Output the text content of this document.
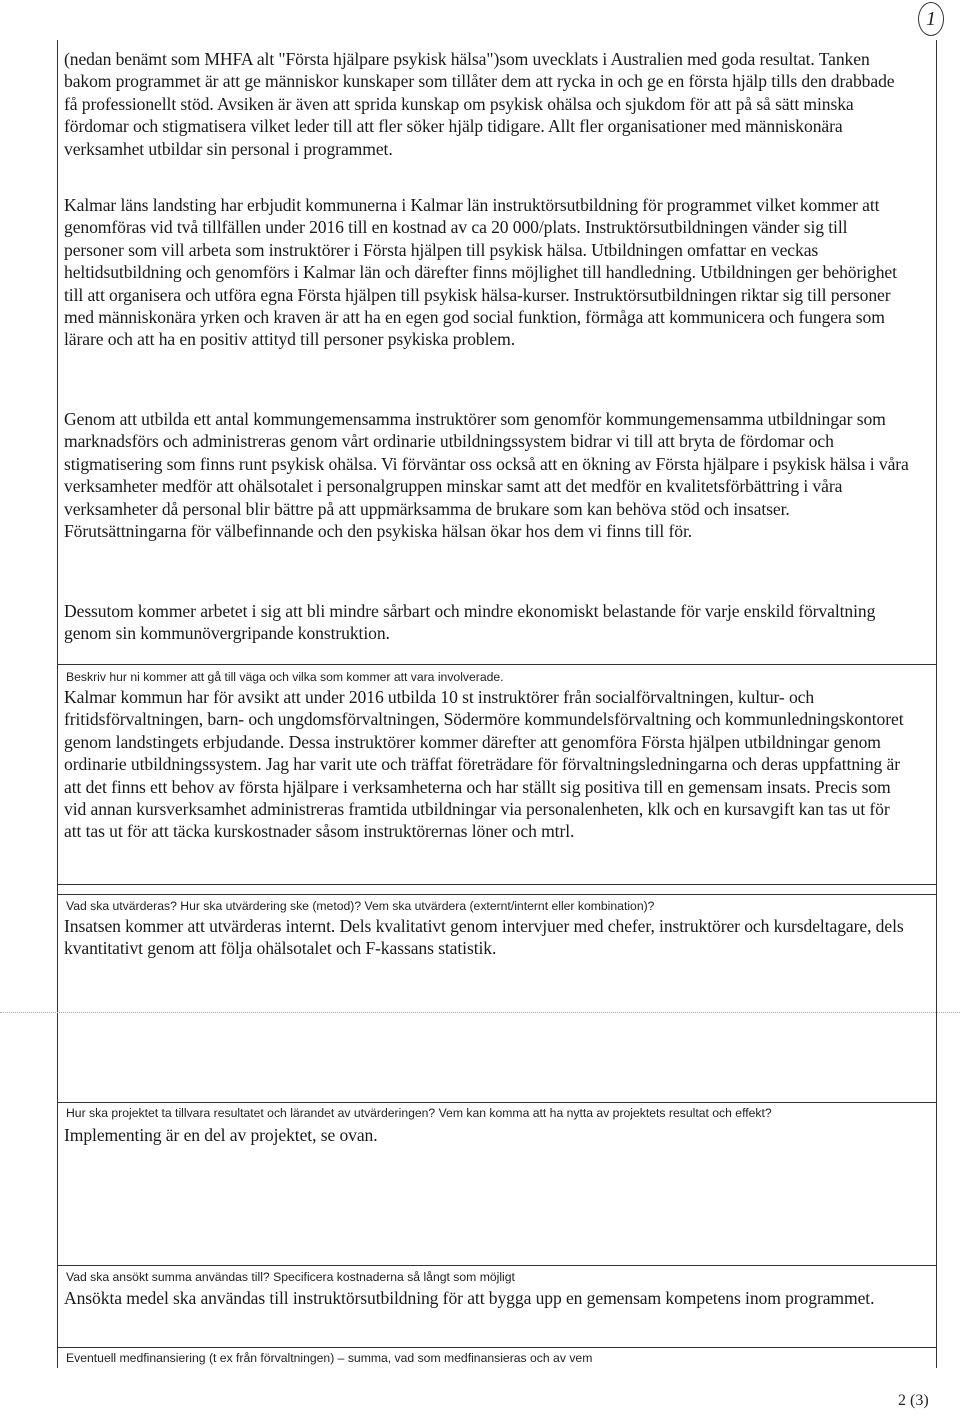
1

(nedan benämt som MHFA alt "Första hjälpare psykisk hälsa")som uvecklats i Australien med goda resultat. Tanken bakom programmet är att ge människor kunskaper som tillåter dem att rycka in och ge en första hjälp tills den drabbade få professionellt stöd. Avsiken är även att sprida kunskap om psykisk ohälsa och sjukdom för att på så sätt minska fördomar och stigmatisera vilket leder till att fler söker hjälp tidigare. Allt fler organisationer med människonära verksamhet utbildar sin personal i programmet.

Kalmar läns landsting har erbjudit kommunerna i Kalmar län instruktörsutbildning för programmet vilket kommer att genomföras vid två tillfällen under 2016 till en kostnad av ca 20 000/plats. Instruktörsutbildningen vänder sig till personer som vill arbeta som instruktörer i Första hjälpen till psykisk hälsa. Utbildningen omfattar en veckas heltidsutbildning och genomförs i Kalmar län och därefter finns möjlighet till handledning. Utbildningen ger behörighet till att organisera och utföra egna Första hjälpen till psykisk hälsa-kurser. Instruktörsutbildningen riktar sig till personer med människonära yrken och kraven är att ha en egen god social funktion, förmåga att kommunicera och fungera som lärare och att ha en positiv attityd till personer psykiska problem.

Genom att utbilda ett antal kommungemensamma instruktörer som genomför kommungemensamma utbildningar som marknadsförs och administreras genom vårt ordinarie utbildningssystem bidrar vi till att bryta de fördomar och stigmatisering som finns runt psykisk ohälsa. Vi förväntar oss också att en ökning av Första hjälpare i psykisk hälsa i våra verksamheter medför att ohälsotalet i personalgruppen minskar samt att det medför en kvalitetsförbättring i våra verksamheter då personal blir bättre på att uppmärksamma de brukare som kan behöva stöd och insatser. Förutsättningarna för välbefinnande och den psykiska hälsan ökar hos dem vi finns till för.

Dessutom kommer arbetet i sig att bli mindre sårbart och mindre ekonomiskt belastande för varje enskild förvaltning genom sin kommunövergripande konstruktion.

Beskriv hur ni kommer att gå till väga och vilka som kommer att vara involverade.

Kalmar kommun har för avsikt att under 2016 utbilda 10 st instruktörer från socialförvaltningen, kultur- och fritidsförvaltningen, barn- och ungdomsförvaltningen, Södermöre kommundelsförvaltning och kommunledningskontoret genom landstingets erbjudande. Dessa instruktörer kommer därefter att genomföra Första hjälpen utbildningar genom ordinarie utbildningssystem. Jag har varit ute och träffat företrädare för förvaltningsledningarna och deras uppfattning är att det finns ett behov av första hjälpare i verksamheterna och har ställt sig positiva till en gemensam insats. Precis som vid annan kursverksamhet administreras framtida utbildningar via personalenheten, klk och en kursavgift kan tas ut för att tas ut för att täcka kurskostnader såsom instruktörernas löner och mtrl.

Vad ska utvärderas? Hur ska utvärdering ske (metod)? Vem ska utvärdera (externt/internt eller kombination)?

Insatsen kommer att utvärderas internt. Dels kvalitativt genom intervjuer med chefer, instruktörer och kursdeltagare, dels kvantitativt genom att följa ohälsotalet och F-kassans statistik.

Hur ska projektet ta tillvara resultatet och lärandet av utvärderingen? Vem kan komma att ha nytta av projektets resultat och effekt?

Implementing är en del av projektet, se ovan.

Vad ska ansökt summa användas till? Specificera kostnaderna så långt som möjligt

Ansökta medel ska användas till instruktörsutbildning för att bygga upp en gemensam kompetens inom programmet.

Eventuell medfinansiering (t ex från förvaltningen) – summa, vad som medfinansieras och av vem
2 (3)
